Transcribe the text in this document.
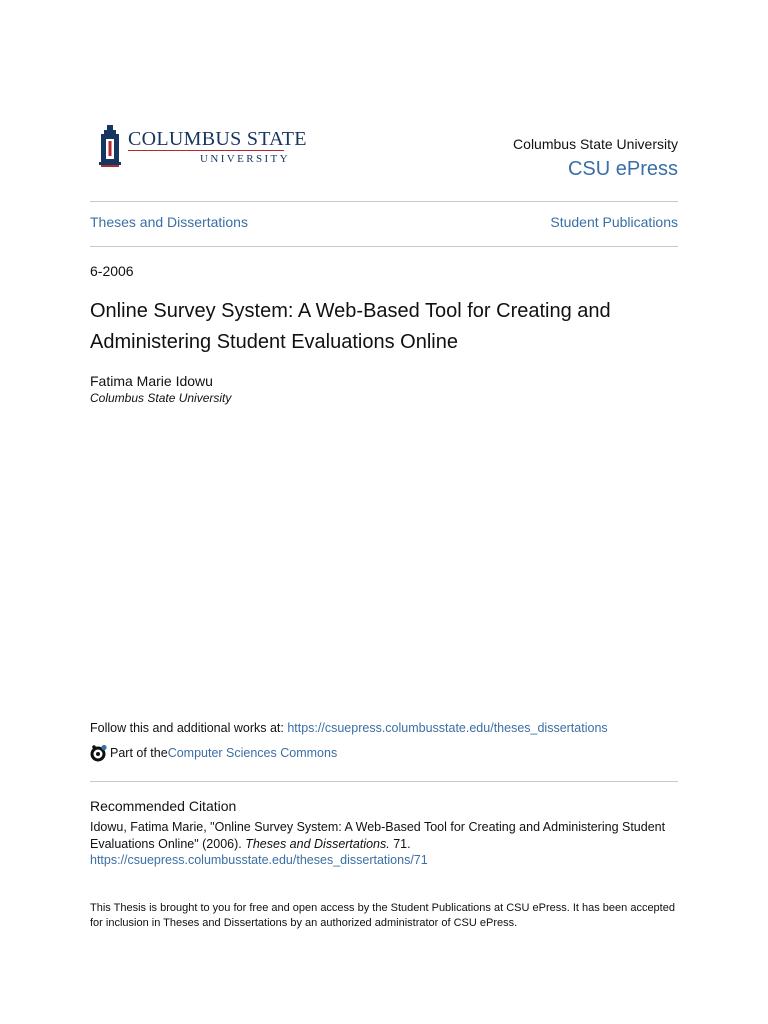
COLUMBUS STATE
UNIVERSITY
Columbus State University
CSU ePress
Theses and Dissertations	Student Publications
6-2006
Online Survey System: A Web-Based Tool for Creating and
Administering Student Evaluations Online
Fatima Marie Idowu
Columbus State University
Follow this and additional works at: https://csuepress.columbusstate.edu/theses_dissertations
Part of the Computer Sciences Commons
Recommended Citation
Idowu, Fatima Marie, "Online Survey System: A Web-Based Tool for Creating and Administering Student Evaluations Online" (2006). Theses and Dissertations. 71.
https://csuepress.columbusstate.edu/theses_dissertations/71
This Thesis is brought to you for free and open access by the Student Publications at CSU ePress. It has been accepted for inclusion in Theses and Dissertations by an authorized administrator of CSU ePress.
